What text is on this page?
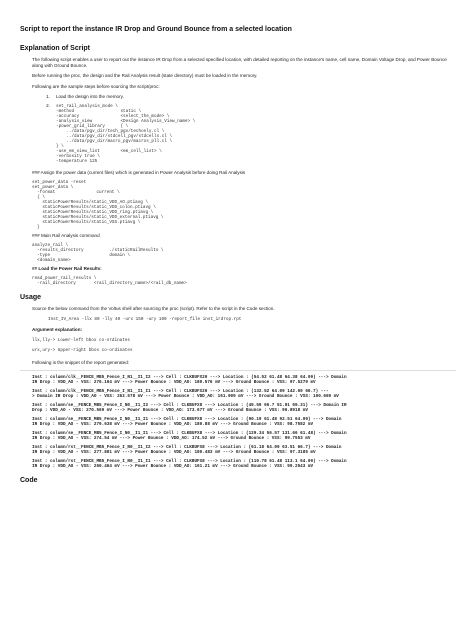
Script to report the instance IR Drop and Ground Bounce from a selected location
Explanation of Script
The following script enables a user to report out the instance IR Drop from a selected specified location, with detailed reporting on the instance's name, cell name, Domain Voltage Drop, and Power Bounce along with Ground Bounce.
Before running the proc, the design and the Rail Analysis result (state directory) must be loaded in the memory.
Following are the sample steps before sourcing the script/proc:
1.	Load the design into the memory.
2.	set_rail_analysis_mode \
-method                  static \
-accuracy                <select_the_mode> \
-analysis_view           <Design Analysis_View_name> \
-power_grid_library      { \
../data/pgv_dir/tech_pgv/techonly.cl \
../data/pgv_dir/stdcell_pgv/stdcells.cl \
../data/pgv_dir/macro_pgv/macros_pll.cl \
} \
-use_em_view_list        <em_cell_list> \
-verbosity true \
-temperature 125
### Assign the power data (current files) which is generated in Power Analysis before doing Rail Analysis
set_power_data -reset
set_power_data \
-format                current \
{ \
staticPowerResults/static_VDD_AO.ptiavg \
staticPowerResults/static_VDD_colon.ptiavg \
staticPowerResults/static_VDD_ring.ptiavg \
staticPowerResults/static_VDD_external.ptiavg \
staticPowerResults/static_VSS.ptiavg \
}
### Main Rail Analysis command
analyze_rail \
-results_directory          ./staticRailResults \
-type                       domain \
<domain_name>
## Load the Power Rail Results:
read_power_rail_results \
-rail_directory       <rail_directory_name>/<rail_db_name>
Usage
Source the below command from the Voltus shell after sourcing the proc (script). Refer to the script in the Code section.
Inst_IV_Area -llx 80 -lly 40 -urx 150 -ury 100 -report_file inst_irdrop.rpt
Argument explanation:
llx,lly-> Lower-left bbox co-ordinates
urx,ury-> Upper-right bbox co-ordinates
Following is the snippet of the report generated:
Inst : column/clk__FENCE_MB5_Fence_I_N1__I1_I2 ---> Cell : CLKBUFX20 ---> Location : (54.52 61.48 64.38 64.09) ---> Domain
IR Drop : VDD_AO - VSS: 276.104 mV ---> Power Bounce : VDD_AO: 180.576 mV ---> Ground Bounce : VSS: 97.5279 mV
Inst : column/clk__FENCE_MB5_Fence_I_N1__I1_I1 ---> Cell : CLKBUFX20 ---> Location : (132.52 64.09 142.69 66.7) ---
> Domain IR Drop : VDD_AO - VSS: 262.578 mV ---> Power Bounce : VDD_AO: 161.909 mV ---> Ground Bounce : VSS: 100.669 mV
Inst : column/se__FENCE_MB5_Fence_I_N0__I1_I2 ---> Cell : CLKBUFX8 ---> Location : (49.59 66.7 51.91 69.31) ---> Domain IR
Drop : VDD_AO - VSS: 270.569 mV ---> Power Bounce : VDD_AO: 173.677 mV ---> Ground Bounce : VSS: 96.8918 mV
Inst : column/se__FENCE_MB5_Fence_I_N0__I1_I1 ---> Cell : CLKBUFX8 ---> Location : (90.19 61.48 92.51 64.09) ---> Domain
IR Drop : VDD_AO - VSS: 279.638 mV ---> Power Bounce : VDD_AO: 180.88 mV ---> Ground Bounce : VSS: 98.7582 mV
Inst : column/se__FENCE_MB5_Fence_I_N0__I1_I1 ---> Cell : CLKBUFX8 ---> Location : (129.34 56.57 131.66 61.48) ---> Domain
IR Drop : VDD_AO - VSS: 274.54 mV ---> Power Bounce : VDD_AO: 174.52 mV ---> Ground Bounce : VSS: 99.7553 mV
Inst : column/rst__FENCE_MB5_Fence_I_N0__I1_I2 ---> Cell : CLKBUFX8 ---> Location : (61.18 64.09 63.51 66.7) ---> Domain
IR Drop : VDD_AO - VSS: 277.801 mV ---> Power Bounce : VDD_AO: 180.483 mV ---> Ground Bounce : VSS: 97.3185 mV
Inst : column/rst__FENCE_MB5_Fence_I_N0__I1_I1 ---> Cell : CLKBUFX8 ---> Location : (110.78 61.48 113.1 64.09) ---> Domain
IR Drop : VDD_AO - VSS: 260.464 mV ---> Power Bounce : VDD_AO: 161.21 mV ---> Ground Bounce : VSS: 99.2543 mV
Code
